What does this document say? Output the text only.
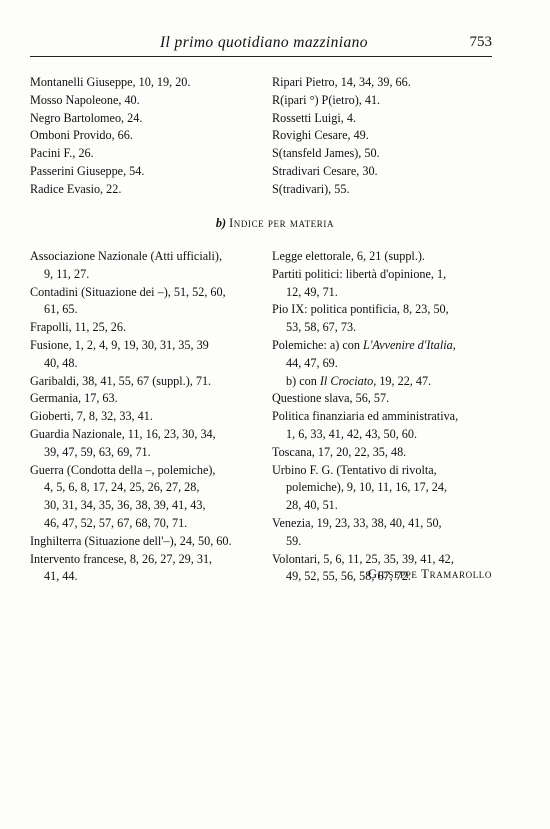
Il primo quotidiano mazziniano	753
Montanelli Giuseppe, 10, 19, 20.
Mosso Napoleone, 40.
Negro Bartolomeo, 24.
Omboni Provido, 66.
Pacini F., 26.
Passerini Giuseppe, 54.
Radice Evasio, 22.
Ripari Pietro, 14, 34, 39, 66.
R(ipari °) P(ietro), 41.
Rossetti Luigi, 4.
Rovighi Cesare, 49.
S(tansfeld James), 50.
Stradivari Cesare, 30.
S(tradivari), 55.
b) Indice per materia
Associazione Nazionale (Atti ufficiali),
9, 11, 27.
Contadini (Situazione dei –), 51, 52, 60,
61, 65.
Frapolli, 11, 25, 26.
Fusione, 1, 2, 4, 9, 19, 30, 31, 35, 39
40, 48.
Garibaldi, 38, 41, 55, 67 (suppl.), 71.
Germania, 17, 63.
Gioberti, 7, 8, 32, 33, 41.
Guardia Nazionale, 11, 16, 23, 30, 34,
39, 47, 59, 63, 69, 71.
Guerra (Condotta della –, polemiche),
4, 5, 6, 8, 17, 24, 25, 26, 27, 28,
30, 31, 34, 35, 36, 38, 39, 41, 43,
46, 47, 52, 57, 67, 68, 70, 71.
Inghilterra (Situazione dell'–), 24, 50, 60.
Intervento francese, 8, 26, 27, 29, 31,
41, 44.
Legge elettorale, 6, 21 (suppl.).
Partiti politici: libertà d'opinione, 1,
12, 49, 71.
Pio IX: politica pontificia, 8, 23, 50,
53, 58, 67, 73.
Polemiche: a) con L'Avvenire d'Italia,
44, 47, 69.
b) con Il Crociato, 19, 22, 47.
Questione slava, 56, 57.
Politica finanziaria ed amministrativa,
1, 6, 33, 41, 42, 43, 50, 60.
Toscana, 17, 20, 22, 35, 48.
Urbino F. G. (Tentativo di rivolta,
polemiche), 9, 10, 11, 16, 17, 24,
28, 40, 51.
Venezia, 19, 23, 33, 38, 40, 41, 50,
59.
Volontari, 5, 6, 11, 25, 35, 39, 41, 42,
49, 52, 55, 56, 58, 67, 72.
Giuseppe Tramarollo
